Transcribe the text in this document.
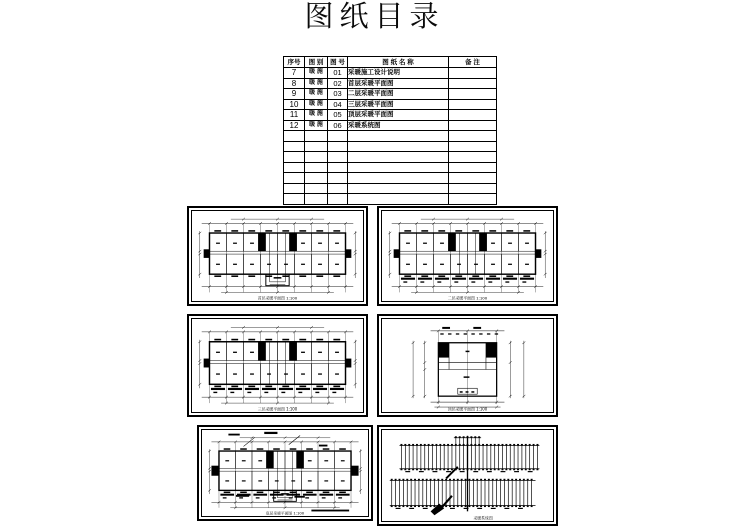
图纸目录
序号	图 别	图 号	图 纸 名 称	备 注
7	暖 施	01	采暖施工设计说明	
8	暖 施	02	首层采暖平面图	
9	暖 施	03	二层采暖平面图	
10	暖 施	04	三层采暖平面图	
11	暖 施	05	顶层采暖平面图	
12	暖 施	06	采暖系统图	

首层采暖平面图 1:100	二层采暖平面图 1:100
三层采暖平面图 1:100	顶层采暖平面图 1:100
底层采暖平面图 1:100
采暖系统图
